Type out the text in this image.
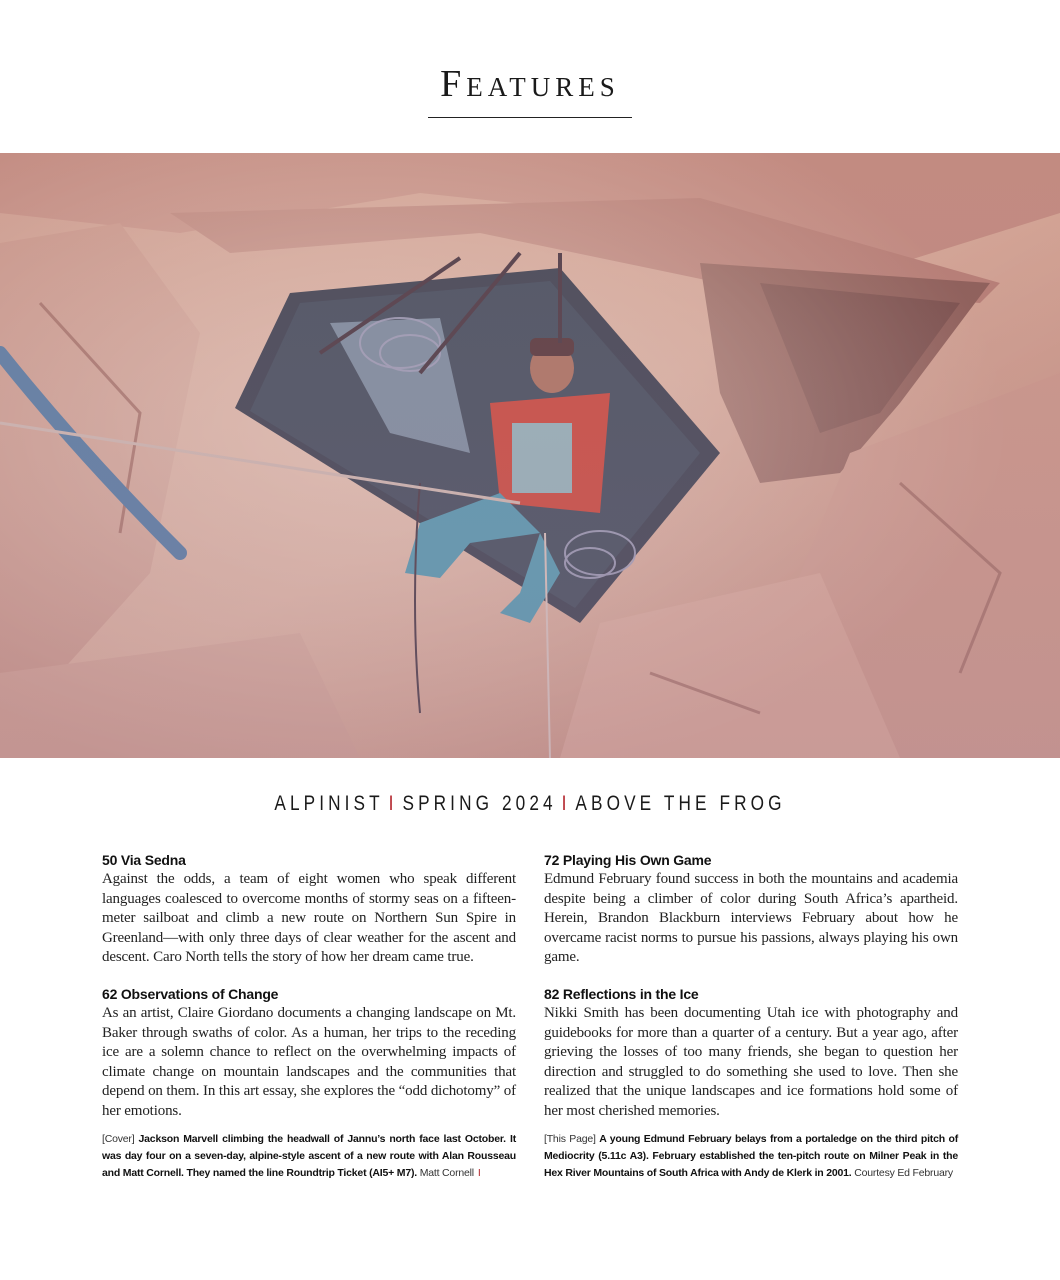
Features
ALPINIST I SPRING 2024 I ABOVE THE FROG

50 Via Sedna

Against the odds, a team of eight women who speak different languages coalesced to overcome months of stormy seas on a fifteen-meter sailboat and climb a new route on Northern Sun Spire in Greenland—with only three days of clear weather for the ascent and descent. Caro North tells the story of how her dream came true.

62 Observations of Change

As an artist, Claire Giordano documents a changing landscape on Mt. Baker through swaths of color. As a human, her trips to the receding ice are a solemn chance to reflect on the overwhelming impacts of climate change on mountain landscapes and the communities that depend on them. In this art essay, she explores the “odd dichotomy” of her emotions.

72 Playing His Own Game

Edmund February found success in both the mountains and academia despite being a climber of color during South Africa’s apartheid. Herein, Brandon Blackburn interviews February about how he overcame racist norms to pursue his passions, always playing his own game.

82 Reflections in the Ice

Nikki Smith has been documenting Utah ice with photography and guidebooks for more than a quarter of a century. But a year ago, after grieving the losses of too many friends, she began to question her direction and struggled to do something she used to love. Then she realized that the unique landscapes and ice formations hold some of her most cherished memories.

[Cover] Jackson Marvell climbing the headwall of Jannu’s north face last October. It was day four on a seven-day, alpine-style ascent of a new route with Alan Rousseau and Matt Cornell. They named the line Roundtrip Ticket (AI5+ M7). Matt Cornell I
[This Page] A young Edmund February belays from a portaledge on the third pitch of Mediocrity (5.11c A3). February established the ten-pitch route on Milner Peak in the Hex River Mountains of South Africa with Andy de Klerk in 2001. Courtesy Ed February
